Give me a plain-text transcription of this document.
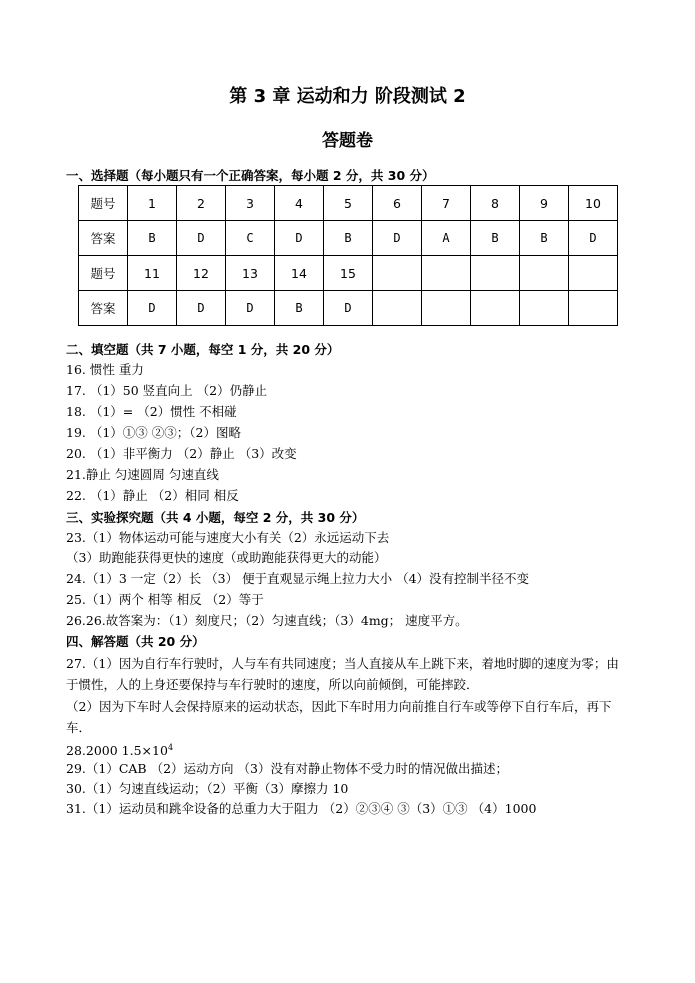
第 3 章 运动和力 阶段测试 2
答题卷
一、选择题（每小题只有一个正确答案，每小题 2 分，共 30 分）
题号	1	2	3	4	5	6	7	8	9	10
答案	B	D	C	D	B	D	A	B	B	D
题号	11	12	13	14	15					
答案	D	D	D	B	D					
二、填空题（共 7 小题，每空 1 分，共 20 分）
16. 惯性 重力
17. （1）50 竖直向上 （2）仍静止
18. （1）= （2）惯性 不相碰
19. （1）①③ ②③；（2）图略
20. （1）非平衡力 （2）静止 （3）改变
21.静止 匀速圆周 匀速直线
22. （1）静止 （2）相同 相反
三、实验探究题（共 4 小题，每空 2 分，共 30 分）
23.（1）物体运动可能与速度大小有关（2）永远运动下去
（3）助跑能获得更快的速度（或助跑能获得更大的动能）
24.（1）3 一定（2）长 （3） 便于直观显示绳上拉力大小 （4）没有控制半径不变
25.（1）两个 相等 相反 （2）等于
26.26.故答案为：（1）刻度尺；（2）匀速直线；（3）4mg； 速度平方。
四、解答题（共 20 分）
27.（1）因为自行车行驶时，人与车有共同速度；当人直接从车上跳下来，着地时脚的速度为零；由于惯性，人的上身还要保持与车行驶时的速度，所以向前倾倒，可能摔跤．
（2）因为下车时人会保持原来的运动状态，因此下车时用力向前推自行车或等停下自行车后，再下车．
28.2000 $1.5\times 10^4$
29.（1）CAB （2）运动方向 （3）没有对静止物体不受力时的情况做出描述；
30.（1）匀速直线运动；（2）平衡（3）摩擦力 10
31.（1）运动员和跳伞设备的总重力大于阻力 （2）②③④ ③（3）①③ （4）1000
